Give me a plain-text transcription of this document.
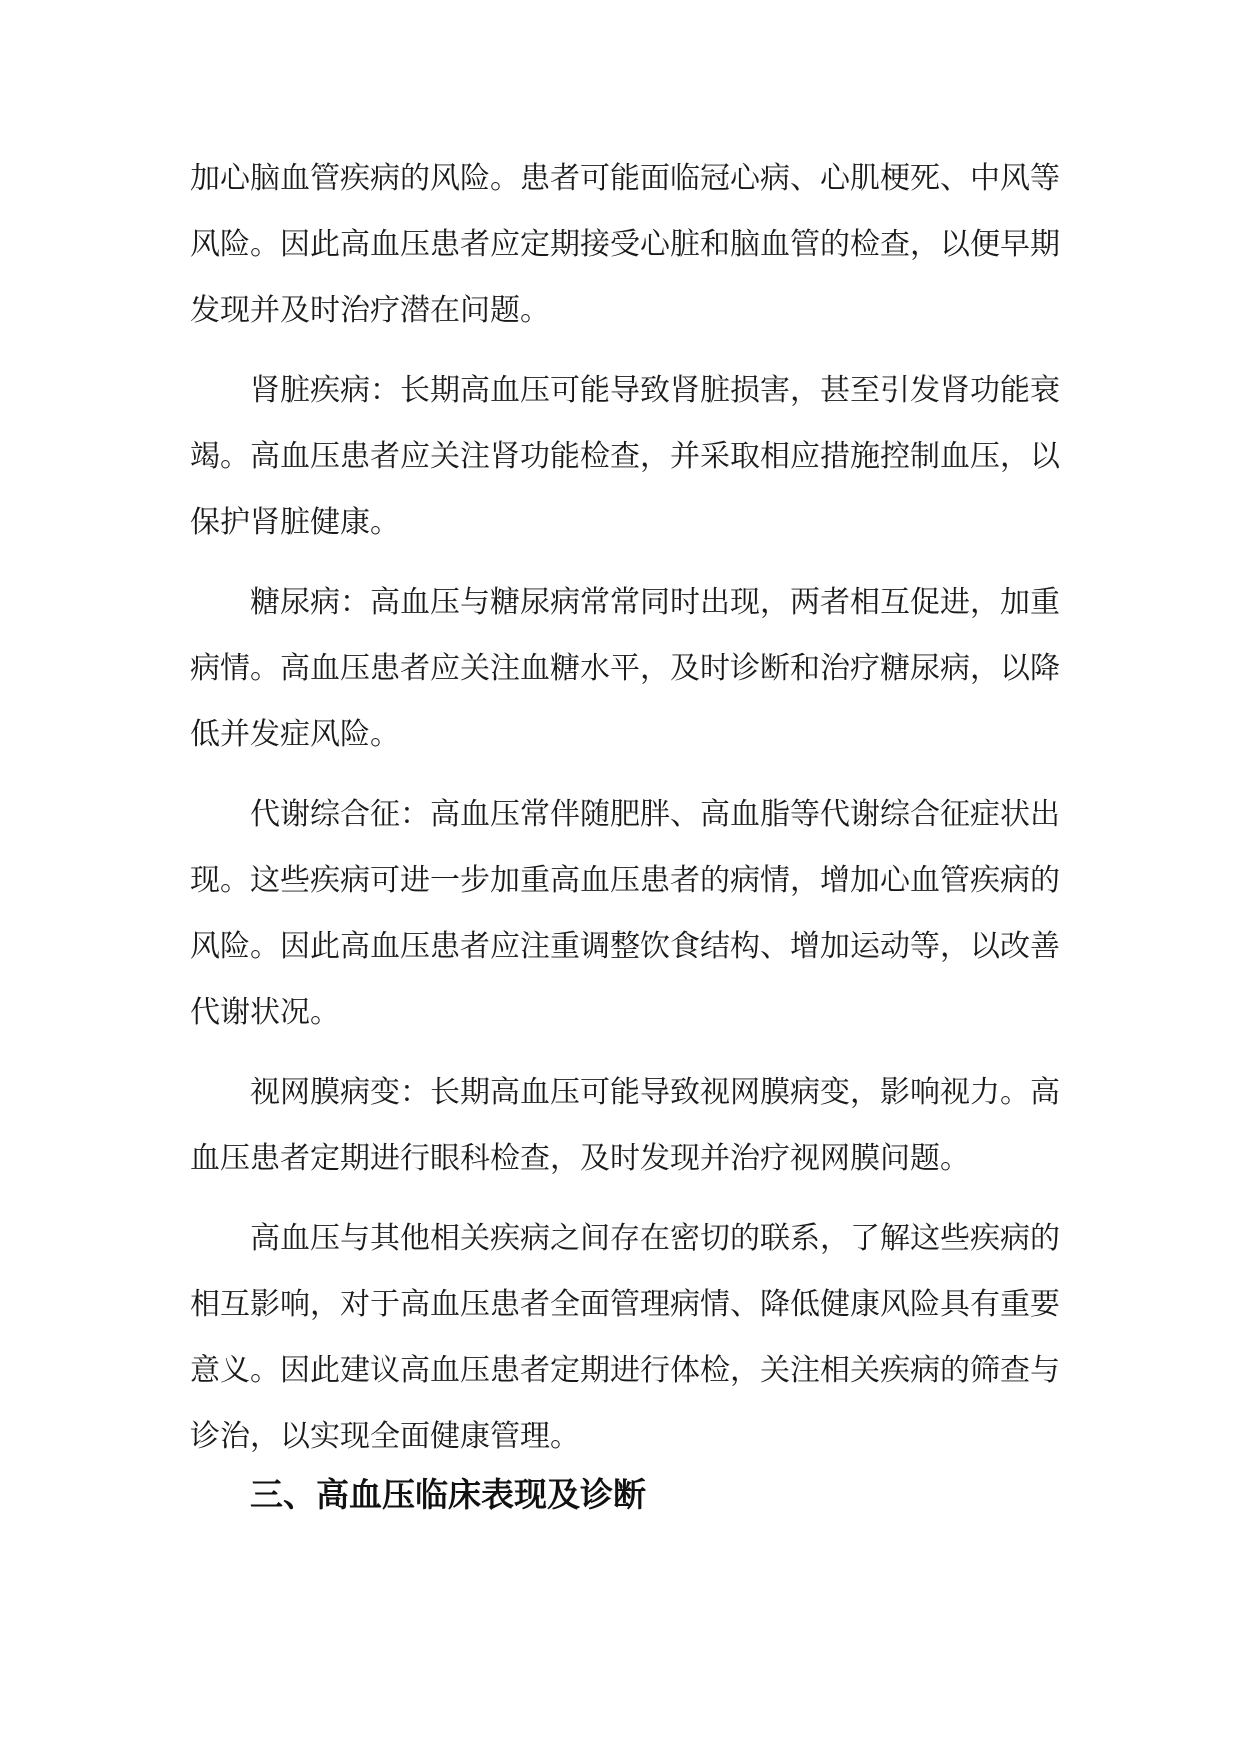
加心脑血管疾病的风险。患者可能面临冠心病、心肌梗死、中风等风险。因此高血压患者应定期接受心脏和脑血管的检查，以便早期发现并及时治疗潜在问题。

肾脏疾病：长期高血压可能导致肾脏损害，甚至引发肾功能衰竭。高血压患者应关注肾功能检查，并采取相应措施控制血压，以保护肾脏健康。

糖尿病：高血压与糖尿病常常同时出现，两者相互促进，加重病情。高血压患者应关注血糖水平，及时诊断和治疗糖尿病，以降低并发症风险。

代谢综合征：高血压常伴随肥胖、高血脂等代谢综合征症状出现。这些疾病可进一步加重高血压患者的病情，增加心血管疾病的风险。因此高血压患者应注重调整饮食结构、增加运动等，以改善代谢状况。

视网膜病变：长期高血压可能导致视网膜病变，影响视力。高血压患者定期进行眼科检查，及时发现并治疗视网膜问题。

高血压与其他相关疾病之间存在密切的联系，了解这些疾病的相互影响，对于高血压患者全面管理病情、降低健康风险具有重要意义。因此建议高血压患者定期进行体检，关注相关疾病的筛查与诊治，以实现全面健康管理。

三、高血压临床表现及诊断
